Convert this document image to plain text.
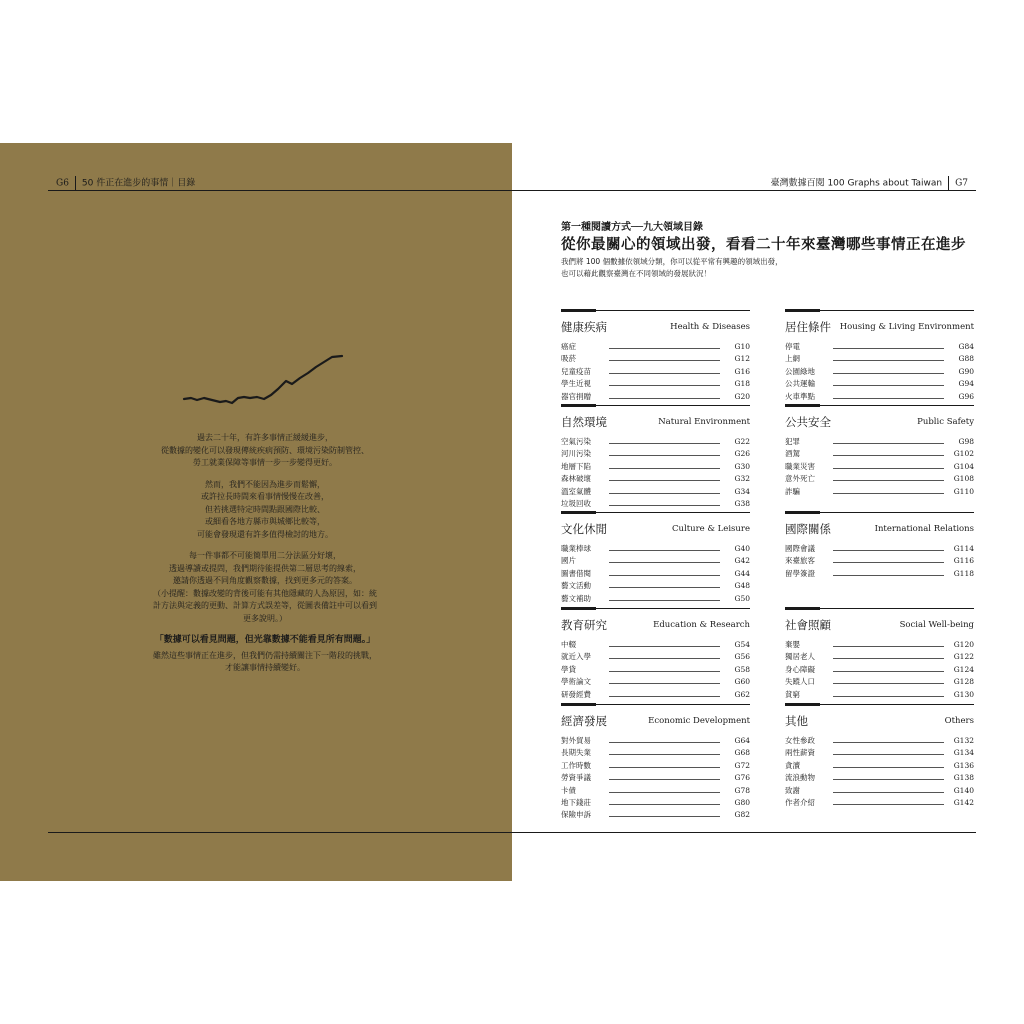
G6 50 件正在進步的事情｜目錄	臺灣數據百閱 100 Graphs about Taiwan G7

過去二十年，有許多事情正緩緩進步，
從數據的變化可以發現傳統疾病預防、環境污染防制管控、
勞工就業保障等事情一步一步變得更好。

然而，我們不能因為進步而鬆懈，
或許拉長時間來看事情慢慢在改善，
但若挑選特定時間點跟國際比較、
或細看各地方縣市與城鄉比較等，
可能會發現還有許多值得檢討的地方。

每一件事都不可能簡單用二分法區分好壞，
透過導讀或提問，我們期待能提供第二層思考的線索，
邀請你透過不同角度觀察數據，找到更多元的答案。
（小提醒：數據改變的背後可能有其他隱藏的人為原因，如：統
計方法與定義的更動、計算方式誤差等，從圖表備註中可以看到
更多說明。）

「數據可以看見問題，但光靠數據不能看見所有問題。」

雖然這些事情正在進步，但我們仍需持續關注下一階段的挑戰，
才能讓事情持續變好。

第一種閱讀方式──九大領域目錄
從你最關心的領域出發，看看二十年來臺灣哪些事情正在進步
我們將 100 個數據依領域分類，你可以從平常有興趣的領域出發，
也可以藉此觀察臺灣在不同領域的發展狀況！
健康疾病	Health & Diseases
癌症	G10
吸菸	G12
兒童疫苗	G16
學生近視	G18
器官捐贈	G20
居住條件 Housing & Living Environment
停電	G84
上網	G88
公園綠地	G90
公共運輸	G94
火車準點	G96
自然環境	Natural Environment
空氣污染	G22
河川污染	G26
地層下陷	G30
森林破壞	G32
溫室氣體	G34
垃圾回收	G38
公共安全	Public Safety
犯罪	G98
酒駕	G102
職業災害	G104
意外死亡	G108
詐騙	G110
文化休閒	Culture & Leisure
職業棒球	G40
國片	G42
圖書借閱	G44
藝文活動	G48
藝文補助	G50
國際關係	International Relations
國際會議	G114
來臺旅客	G116
留學簽證	G118
教育研究	Education & Research
中輟	G54
就近入學	G56
學貸	G58
學術論文	G60
研發經費	G62
社會照顧	Social Well-being
棄嬰	G120
獨居老人	G122
身心障礙	G124
失蹤人口	G128
貧窮	G130
經濟發展	Economic Development
對外貿易	G64
長期失業	G68
工作時數	G72
勞資爭議	G76
卡債	G78
地下錢莊	G80
保險申訴	G82
其他	Others
女性參政	G132
兩性薪資	G134
貪瀆	G136
流浪動物	G138
致謝	G140
作者介紹	G142
